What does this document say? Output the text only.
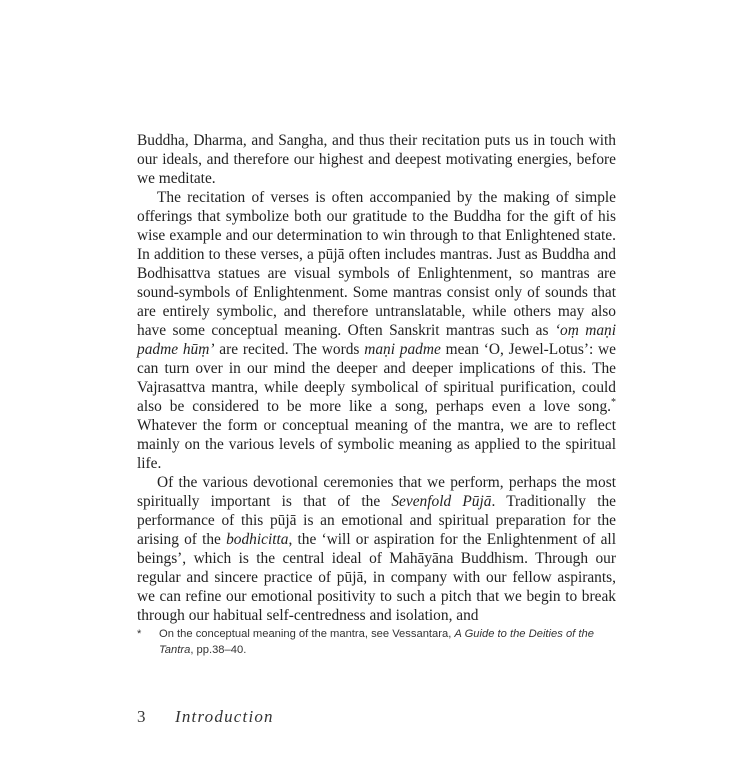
Buddha, Dharma, and Sangha, and thus their recitation puts us in touch with our ideals, and therefore our highest and deepest motivating energies, before we meditate.

The recitation of verses is often accompanied by the making of simple offerings that symbolize both our gratitude to the Buddha for the gift of his wise example and our determination to win through to that Enlightened state. In addition to these verses, a pūjā often includes mantras. Just as Buddha and Bodhisattva statues are visual symbols of Enlightenment, so mantras are sound-symbols of Enlightenment. Some mantras consist only of sounds that are entirely symbolic, and therefore untranslatable, while others may also have some conceptual meaning. Often Sanskrit mantras such as ‘oṃ maṇi padme hūṃ’ are recited. The words maṇi padme mean ‘O, Jewel-Lotus’: we can turn over in our mind the deeper and deeper implications of this. The Vajrasattva mantra, while deeply symbolical of spiritual purification, could also be considered to be more like a song, perhaps even a love song.* Whatever the form or conceptual meaning of the mantra, we are to reflect mainly on the various levels of symbolic meaning as applied to the spiritual life.

Of the various devotional ceremonies that we perform, perhaps the most spiritually important is that of the Sevenfold Pūjā. Traditionally the performance of this pūjā is an emotional and spiritual preparation for the arising of the bodhicitta, the ‘will or aspiration for the Enlightenment of all beings’, which is the central ideal of Mahāyāna Buddhism. Through our regular and sincere practice of pūjā, in company with our fellow aspirants, we can refine our emotional positivity to such a pitch that we begin to break through our habitual self-centredness and isolation, and

* On the conceptual meaning of the mantra, see Vessantara, A Guide to the Deities of the Tantra, pp.38–40.
3 Introduction
